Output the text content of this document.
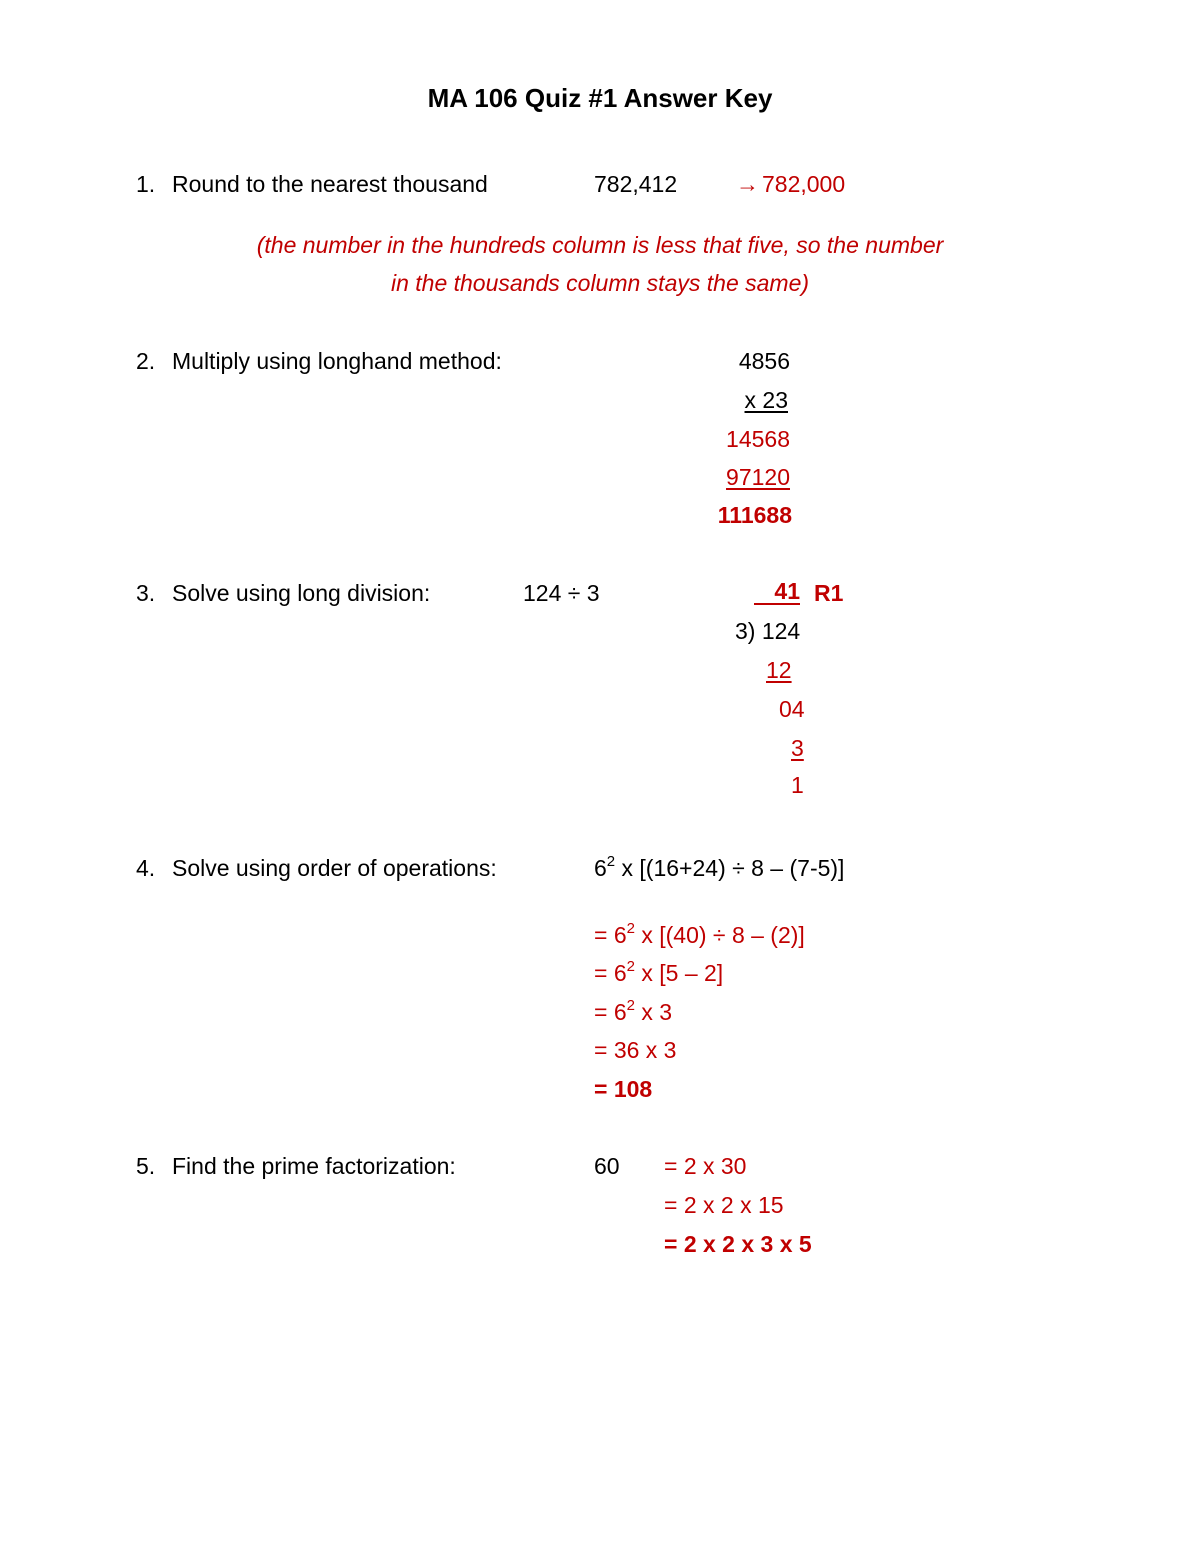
MA 106 Quiz #1 Answer Key
1. Round to the nearest thousand	782,412	→ 782,000
(the number in the hundreds column is less that five, so the number
in the thousands column stays the same)
2. Multiply using longhand method:	4856
x 23
14568
97120
111688
3. Solve using long division:	124 ÷ 3	41 R1
3) 124
12
04
3
1
4. Solve using order of operations:	$6^2$ x [(16+24) ÷ 8 – (7-5)]
= $6^2$ x [(40) ÷ 8 – (2)]
= $6^2$ x [5 – 2]
= $6^2$ x 3
= 36 x 3
= 108
5. Find the prime factorization:	60 = 2 x 30
= 2 x 2 x 15
= 2 x 2 x 3 x 5
